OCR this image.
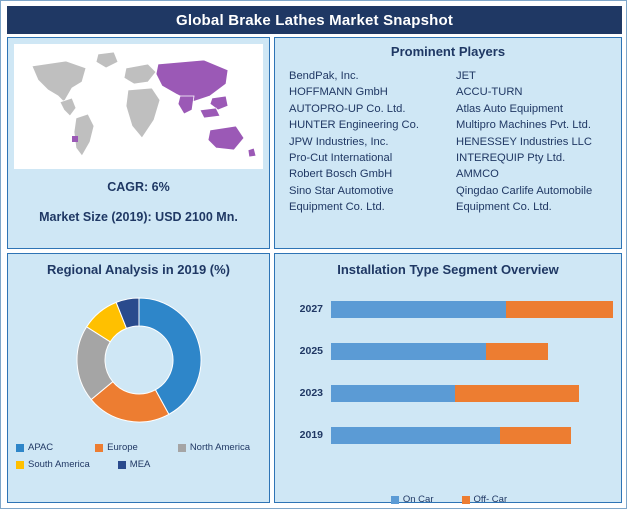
Global Brake Lathes Market Snapshot
CAGR: 6%
Market Size (2019): USD 2100 Mn.
Prominent Players
BendPak, Inc.
HOFFMANN GmbH
AUTOPRO-UP Co. Ltd.
HUNTER Engineering Co.
JPW Industries, Inc.
Pro-Cut International
Robert Bosch GmbH
Sino Star Automotive
Equipment Co. Ltd.
JET
ACCU-TURN
Atlas Auto Equipment
Multipro Machines Pvt. Ltd.
HENESSEY Industries LLC
INTEREQUIP Pty Ltd.
AMMCO
Qingdao Carlife Automobile
Equipment Co. Ltd.
Regional Analysis in 2019 (%)
APAC	Europe	North America
South America	MEA
Installation Type Segment Overview
2027
2025
2023
2019
On Car	Off- Car
